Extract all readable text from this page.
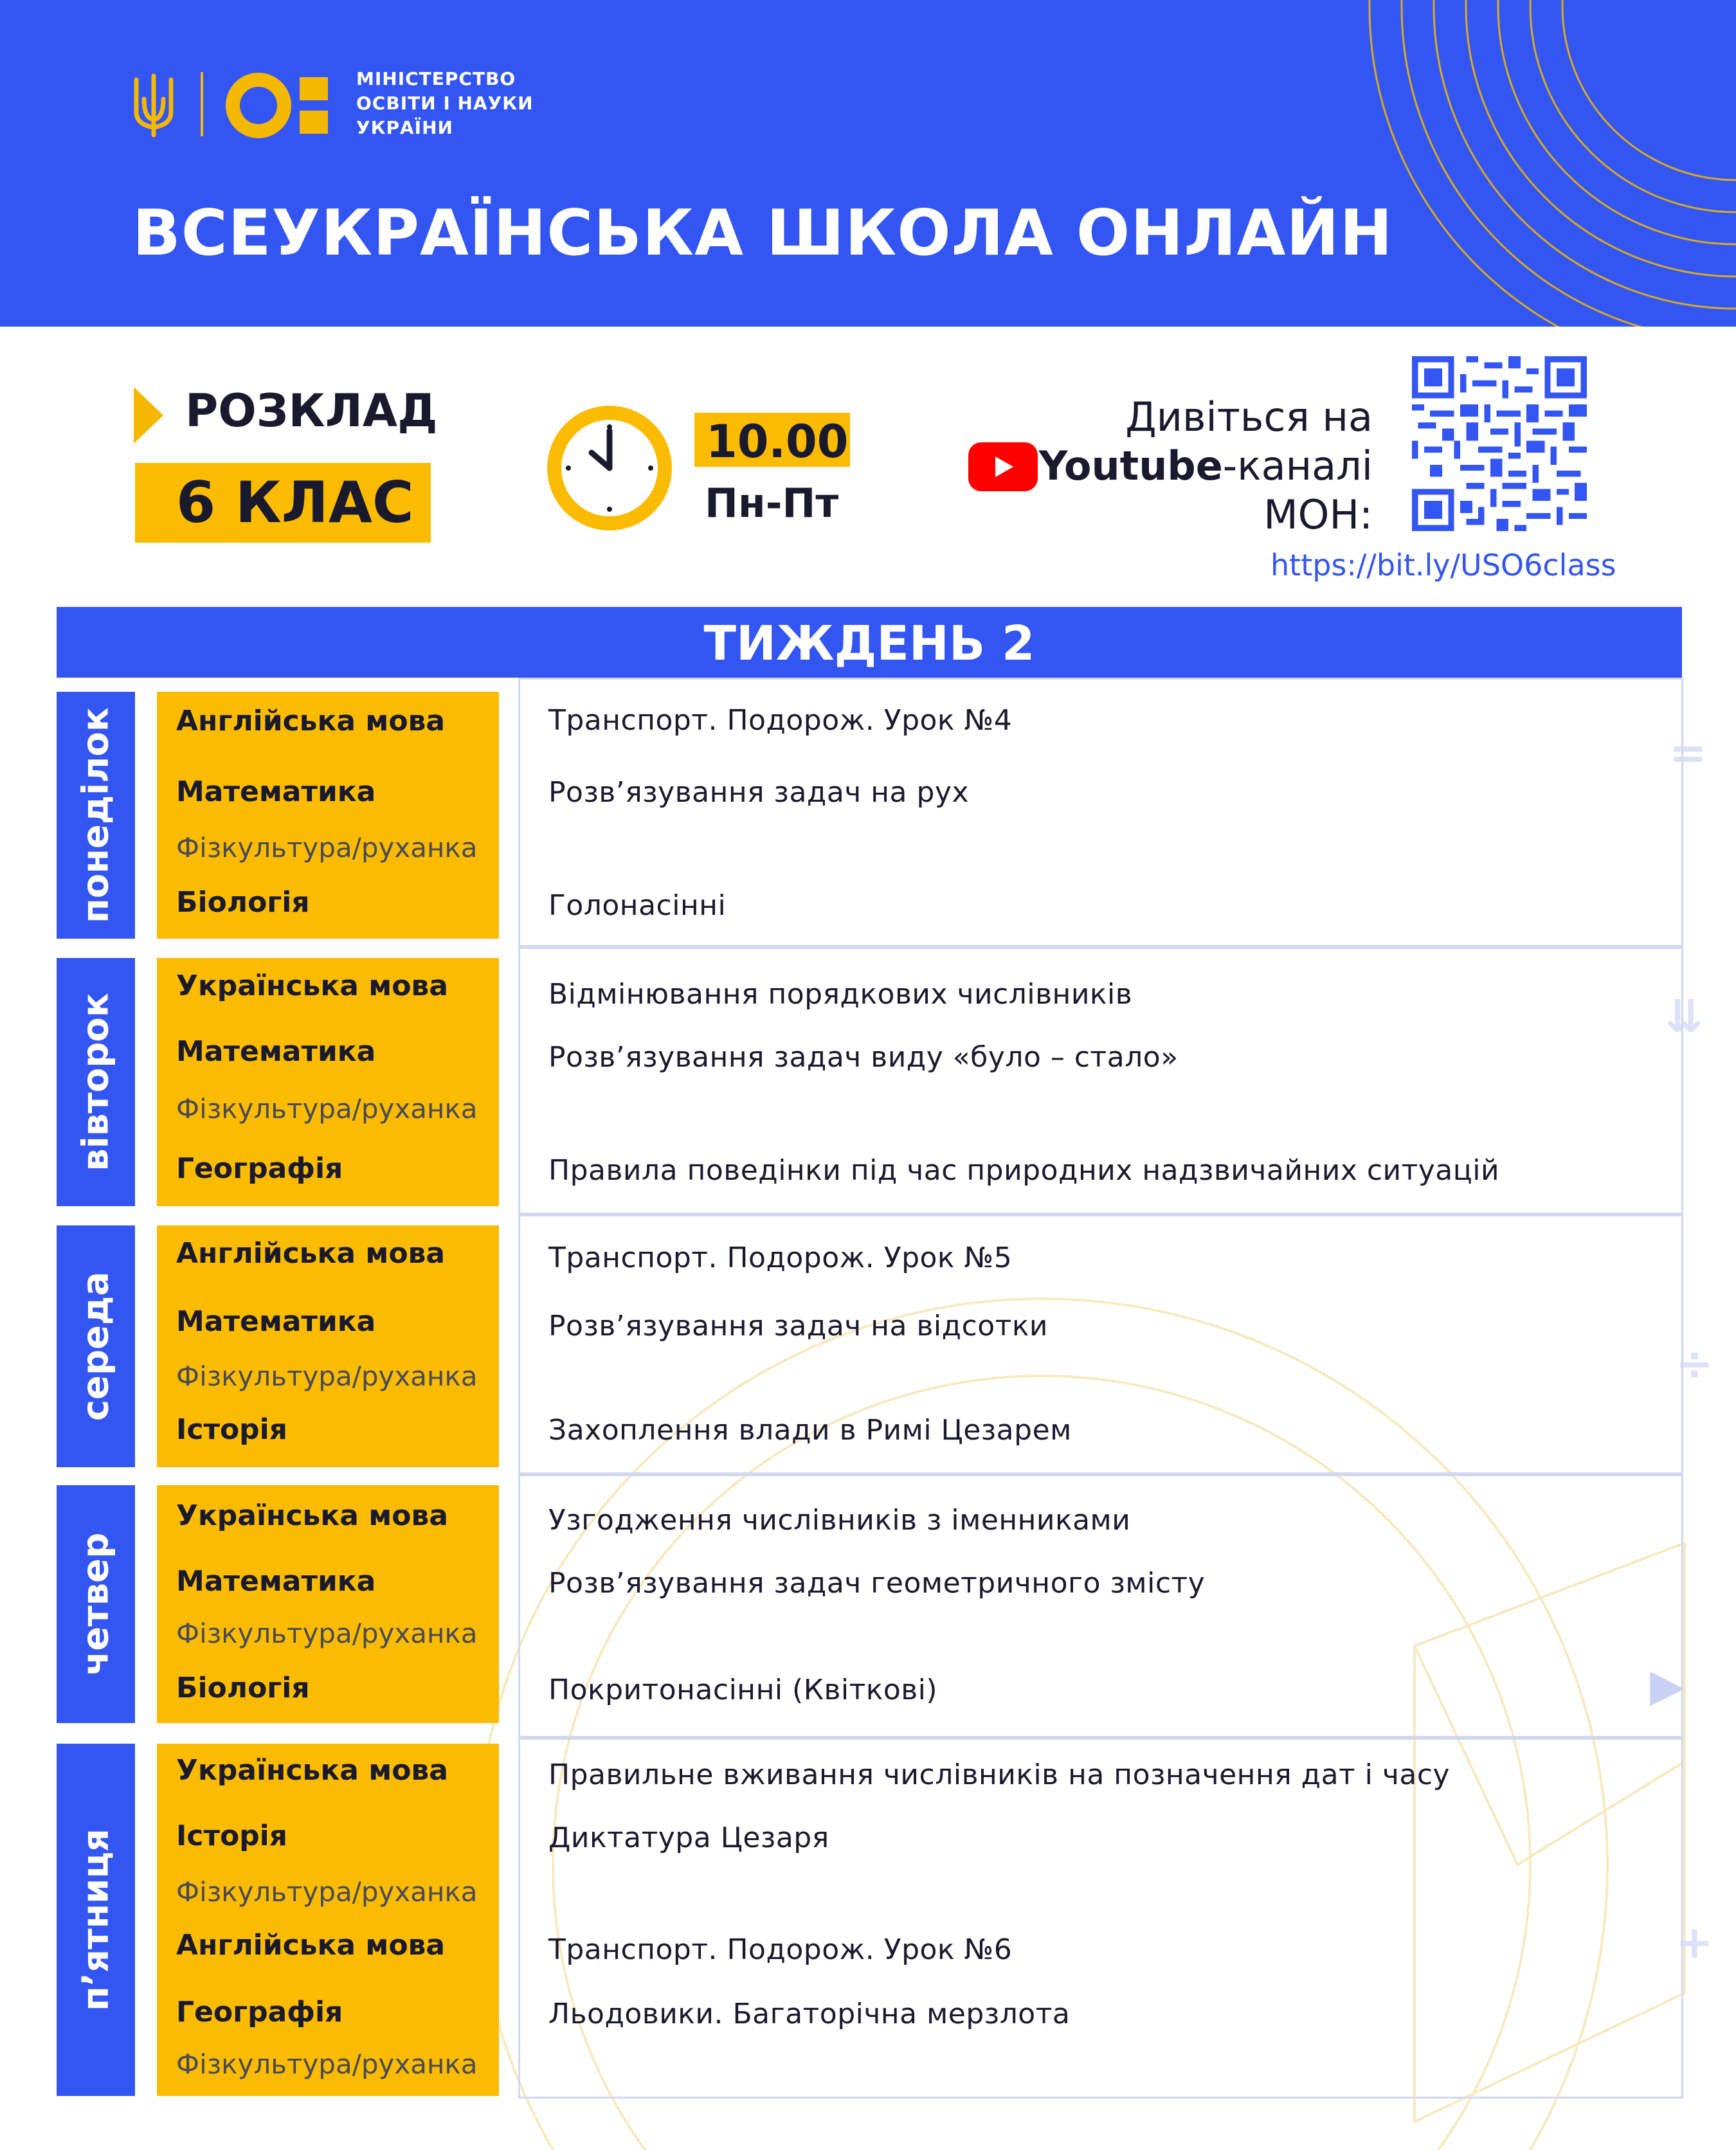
МІНІСТЕРСТВО
ОСВІТИ І НАУКИ
УКРАЇНИ
ВСЕУКРАЇНСЬКА ШКОЛА ОНЛАЙН
РОЗКЛАД
6 КЛАС
10.00
Пн-Пт
Дивіться на
Youtube-каналі
МОН:
https://bit.ly/USO6class
ТИЖДЕНЬ 2
=
⇊
÷
▶
+
понеділок Англійська мова
Математика
Фізкультура/руханка
Біологія
Транспорт. Подорож. Урок №4
Розв’язування задач на рух
Голонасінні
вівторок
Українська мова
Математика
Фізкультура/руханка
Географія
Відмінювання порядкових числівників
Розв’язування задач виду «було – стало»
Правила поведінки під час природних надзвичайних ситуацій
середа
Англійська мова
Математика
Фізкультура/руханка
Історія
Транспорт. Подорож. Урок №5
Розв’язування задач на відсотки
Захоплення влади в Римі Цезарем
четвер
Українська мова
Математика
Фізкультура/руханка
Біологія
Узгодження числівників з іменниками
Розв’язування задач геометричного змісту
Покритонасінні (Квіткові)
п’ятниця
Українська мова
Історія
Фізкультура/руханка
Англійська мова
Географія
Фізкультура/руханка
Правильне вживання числівників на позначення дат і часу
Диктатура Цезаря
Транспорт. Подорож. Урок №6
Льодовики. Багаторічна мерзлота
